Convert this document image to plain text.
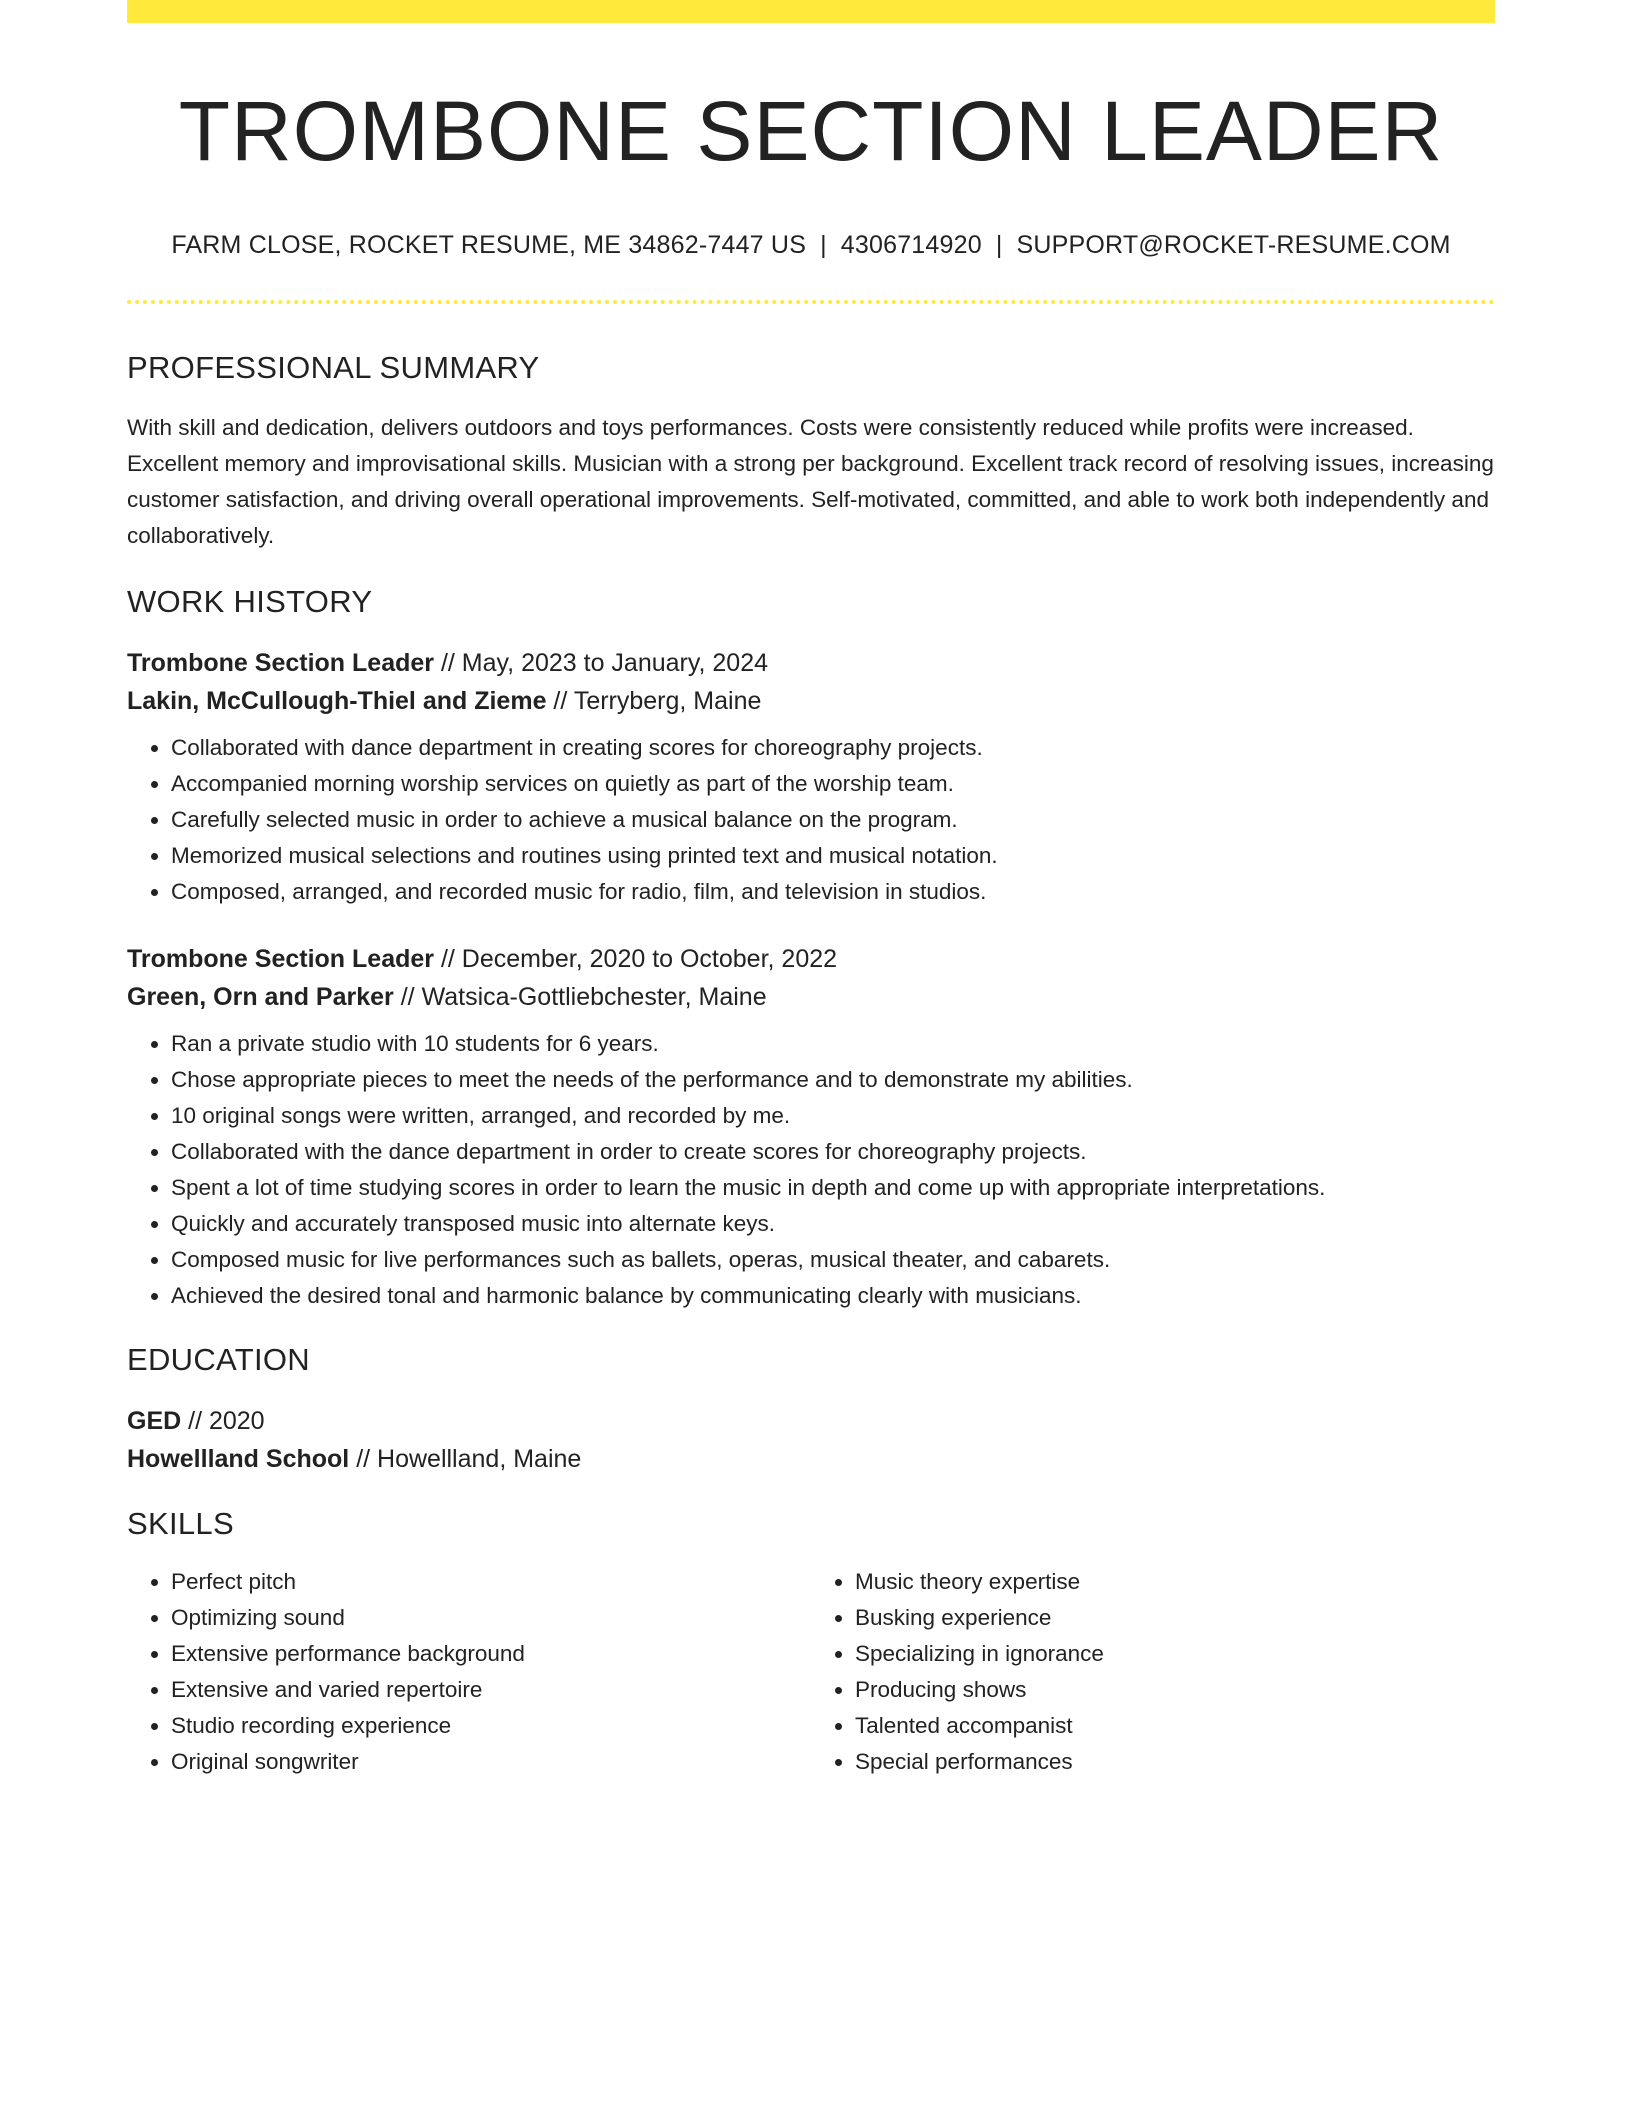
TROMBONE SECTION LEADER
FARM CLOSE, ROCKET RESUME, ME 34862-7447 US | 4306714920 | SUPPORT@ROCKET-RESUME.COM
PROFESSIONAL SUMMARY
With skill and dedication, delivers outdoors and toys performances. Costs were consistently reduced while profits were increased. Excellent memory and improvisational skills. Musician with a strong per background. Excellent track record of resolving issues, increasing customer satisfaction, and driving overall operational improvements. Self-motivated, committed, and able to work both independently and collaboratively.
WORK HISTORY
Trombone Section Leader // May, 2023 to January, 2024
Lakin, McCullough-Thiel and Zieme // Terryberg, Maine
• Collaborated with dance department in creating scores for choreography projects.
• Accompanied morning worship services on quietly as part of the worship team.
• Carefully selected music in order to achieve a musical balance on the program.
• Memorized musical selections and routines using printed text and musical notation.
• Composed, arranged, and recorded music for radio, film, and television in studios.
Trombone Section Leader // December, 2020 to October, 2022
Green, Orn and Parker // Watsica-Gottliebchester, Maine
• Ran a private studio with 10 students for 6 years.
• Chose appropriate pieces to meet the needs of the performance and to demonstrate my abilities.
• 10 original songs were written, arranged, and recorded by me.
• Collaborated with the dance department in order to create scores for choreography projects.
• Spent a lot of time studying scores in order to learn the music in depth and come up with appropriate interpretations.
• Quickly and accurately transposed music into alternate keys.
• Composed music for live performances such as ballets, operas, musical theater, and cabarets.
• Achieved the desired tonal and harmonic balance by communicating clearly with musicians.
EDUCATION
GED // 2020
Howellland School // Howellland, Maine
SKILLS
• Perfect pitch
• Optimizing sound
• Extensive performance background
• Extensive and varied repertoire
• Studio recording experience
• Original songwriter
• Music theory expertise
• Busking experience
• Specializing in ignorance
• Producing shows
• Talented accompanist
• Special performances
